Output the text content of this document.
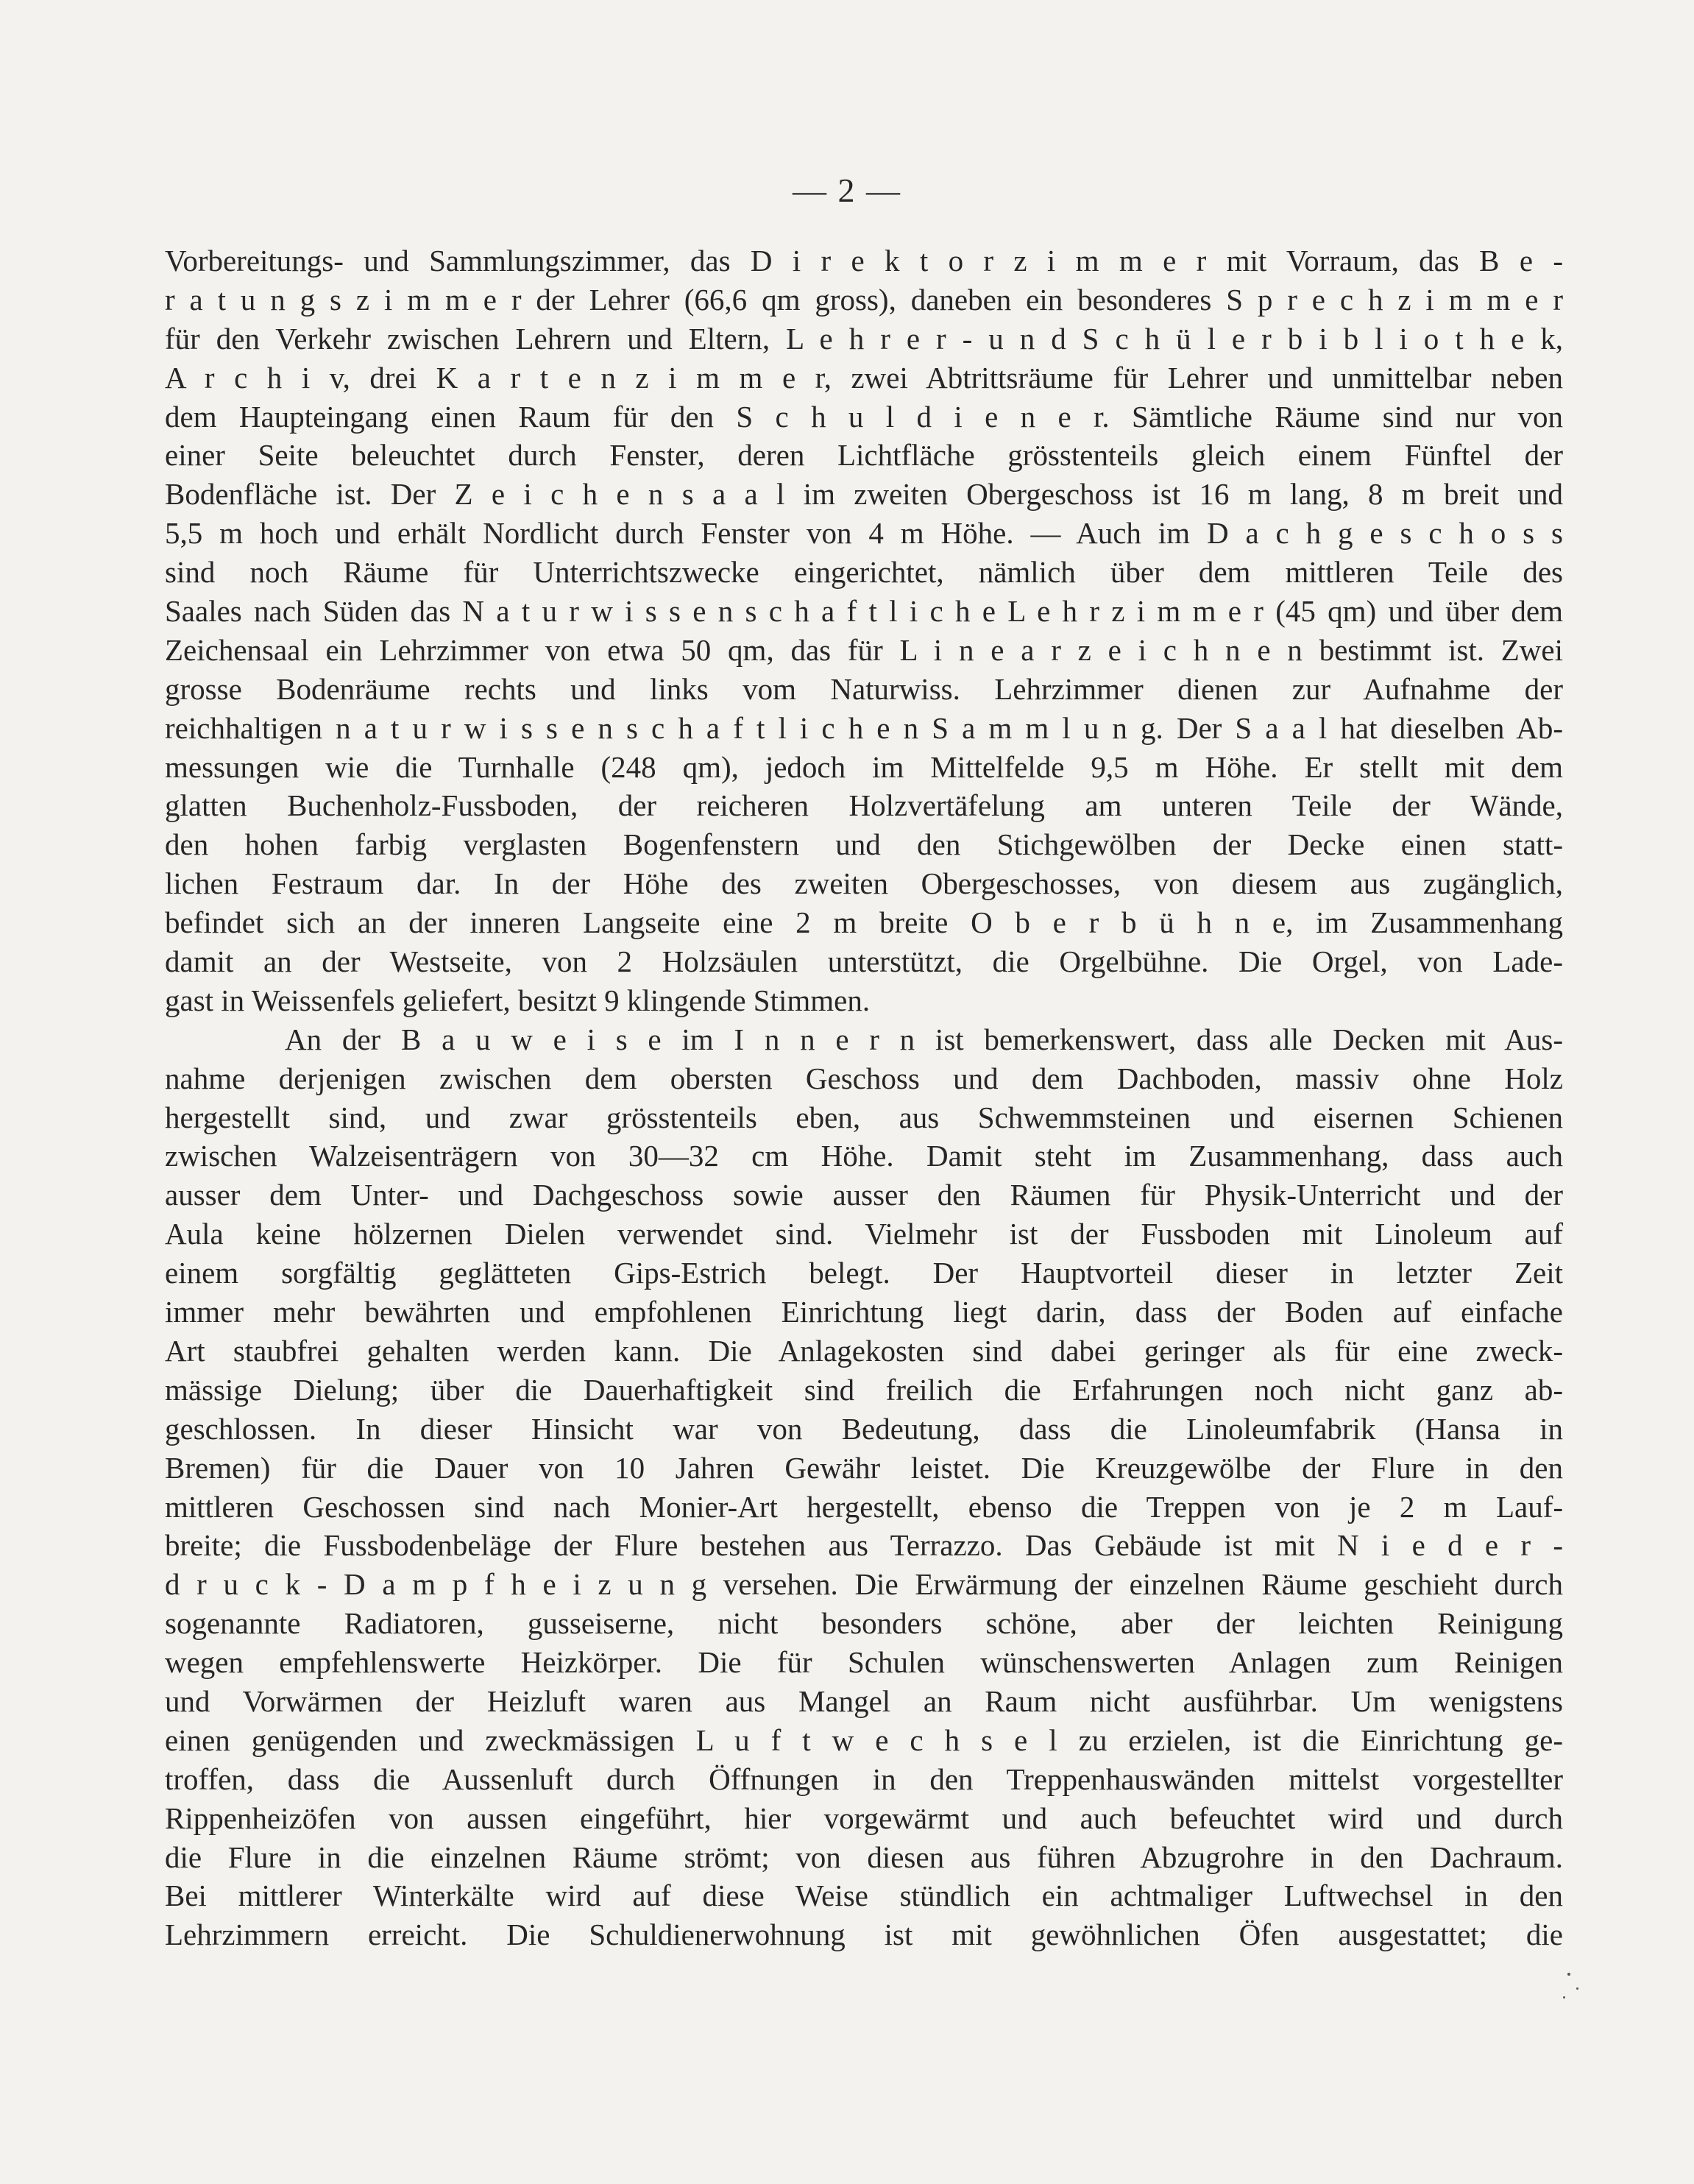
— 2 —
Vorbereitungs- und Sammlungszimmer, das D i r e k t o r z i m m e r mit Vorraum, das B e -
r a t u n g s z i m m e r der Lehrer (66,6 qm gross), daneben ein besonderes S p r e c h z i m m e r
für den Verkehr zwischen Lehrern und Eltern, L e h r e r - u n d S c h ü l e r b i b l i o t h e k,
A r c h i v, drei K a r t e n z i m m e r, zwei Abtrittsräume für Lehrer und unmittelbar neben
dem Haupteingang einen Raum für den S c h u l d i e n e r. Sämtliche Räume sind nur von
einer Seite beleuchtet durch Fenster, deren Lichtfläche grösstenteils gleich einem Fünftel der
Bodenfläche ist. Der Z e i c h e n s a a l im zweiten Obergeschoss ist 16 m lang, 8 m breit und
5,5 m hoch und erhält Nordlicht durch Fenster von 4 m Höhe. — Auch im D a c h g e s c h o s s
sind noch Räume für Unterrichtszwecke eingerichtet, nämlich über dem mittleren Teile des
Saales nach Süden das N a t u r w i s s e n s c h a f t l i c h e L e h r z i m m e r (45 qm) und über dem
Zeichensaal ein Lehrzimmer von etwa 50 qm, das für L i n e a r z e i c h n e n bestimmt ist. Zwei
grosse Bodenräume rechts und links vom Naturwiss. Lehrzimmer dienen zur Aufnahme der
reichhaltigen n a t u r w i s s e n s c h a f t l i c h e n S a m m l u n g. Der S a a l hat dieselben Ab-
messungen wie die Turnhalle (248 qm), jedoch im Mittelfelde 9,5 m Höhe. Er stellt mit dem
glatten Buchenholz-Fussboden, der reicheren Holzvertäfelung am unteren Teile der Wände,
den hohen farbig verglasten Bogenfenstern und den Stichgewölben der Decke einen statt-
lichen Festraum dar. In der Höhe des zweiten Obergeschosses, von diesem aus zugänglich,
befindet sich an der inneren Langseite eine 2 m breite O b e r b ü h n e, im Zusammenhang
damit an der Westseite, von 2 Holzsäulen unterstützt, die Orgelbühne. Die Orgel, von Lade-
gast in Weissenfels geliefert, besitzt 9 klingende Stimmen.
An der B a u w e i s e im I n n e r n ist bemerkenswert, dass alle Decken mit Aus-
nahme derjenigen zwischen dem obersten Geschoss und dem Dachboden, massiv ohne Holz
hergestellt sind, und zwar grösstenteils eben, aus Schwemmsteinen und eisernen Schienen
zwischen Walzeisenträgern von 30—32 cm Höhe. Damit steht im Zusammenhang, dass auch
ausser dem Unter- und Dachgeschoss sowie ausser den Räumen für Physik-Unterricht und der
Aula keine hölzernen Dielen verwendet sind. Vielmehr ist der Fussboden mit Linoleum auf
einem sorgfältig geglätteten Gips-Estrich belegt. Der Hauptvorteil dieser in letzter Zeit
immer mehr bewährten und empfohlenen Einrichtung liegt darin, dass der Boden auf einfache
Art staubfrei gehalten werden kann. Die Anlagekosten sind dabei geringer als für eine zweck-
mässige Dielung; über die Dauerhaftigkeit sind freilich die Erfahrungen noch nicht ganz ab-
geschlossen. In dieser Hinsicht war von Bedeutung, dass die Linoleumfabrik (Hansa in
Bremen) für die Dauer von 10 Jahren Gewähr leistet. Die Kreuzgewölbe der Flure in den
mittleren Geschossen sind nach Monier-Art hergestellt, ebenso die Treppen von je 2 m Lauf-
breite; die Fussbodenbeläge der Flure bestehen aus Terrazzo. Das Gebäude ist mit N i e d e r -
d r u c k - D a m p f h e i z u n g versehen. Die Erwärmung der einzelnen Räume geschieht durch
sogenannte Radiatoren, gusseiserne, nicht besonders schöne, aber der leichten Reinigung
wegen empfehlenswerte Heizkörper. Die für Schulen wünschenswerten Anlagen zum Reinigen
und Vorwärmen der Heizluft waren aus Mangel an Raum nicht ausführbar. Um wenigstens
einen genügenden und zweckmässigen L u f t w e c h s e l zu erzielen, ist die Einrichtung ge-
troffen, dass die Aussenluft durch Öffnungen in den Treppenhauswänden mittelst vorgestellter
Rippenheizöfen von aussen eingeführt, hier vorgewärmt und auch befeuchtet wird und durch
die Flure in die einzelnen Räume strömt; von diesen aus führen Abzugrohre in den Dachraum.
Bei mittlerer Winterkälte wird auf diese Weise stündlich ein achtmaliger Luftwechsel in den
Lehrzimmern erreicht. Die Schuldienerwohnung ist mit gewöhnlichen Öfen ausgestattet; die
